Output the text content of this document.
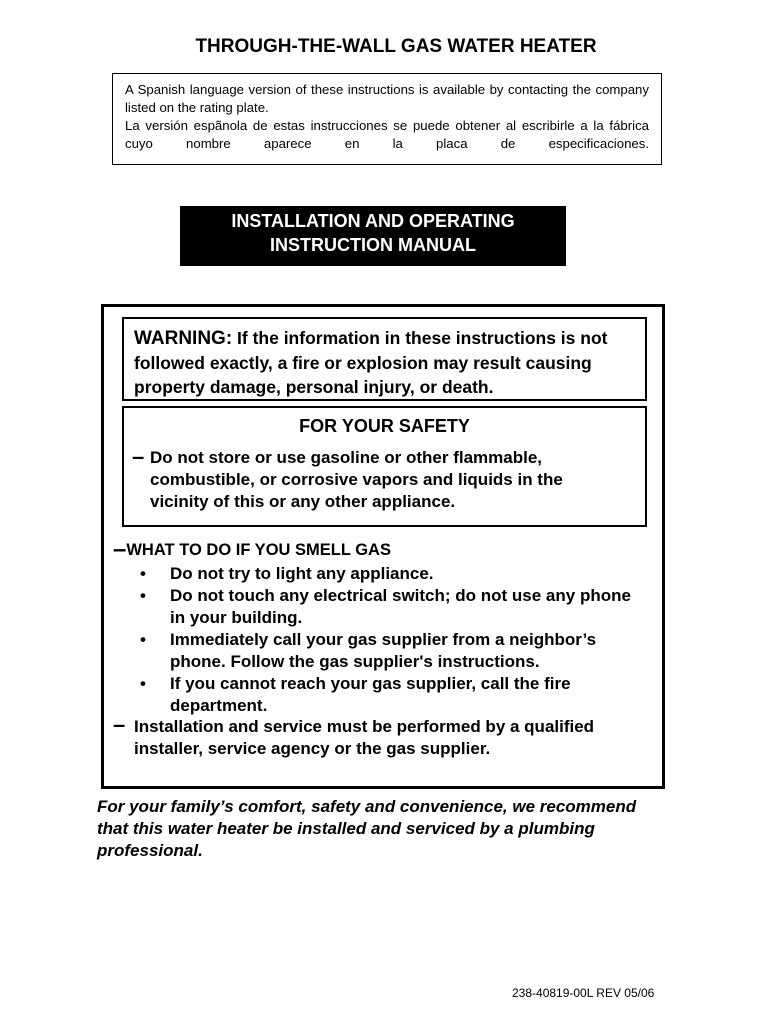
THROUGH-THE-WALL GAS WATER HEATER

A Spanish language version of these instructions is available by contacting the company listed on the rating plate.

La versión espãnola de estas instrucciones se puede obtener al escribirle a la fábrica cuyo nombre aparece en la placa de especificaciones.

INSTALLATION AND OPERATING
INSTRUCTION MANUAL
WARNING: If the information in these instructions is not followed exactly, a fire or explosion may result causing property damage, personal injury, or death.
FOR YOUR SAFETY
– Do not store or use gasoline or other flammable, combustible, or corrosive vapors and liquids in the vicinity of this or any other appliance.
–WHAT TO DO IF YOU SMELL GAS
• Do not try to light any appliance.
• Do not touch any electrical switch; do not use any phone in your building.
• Immediately call your gas supplier from a neighbor’s phone. Follow the gas supplier's instructions.
• If you cannot reach your gas supplier, call the fire department.
– Installation and service must be performed by a qualified installer, service agency or the gas supplier.
For your family’s comfort, safety and convenience, we recommend that this water heater be installed and serviced by a plumbing professional.
238-40819-00L REV 05/06
